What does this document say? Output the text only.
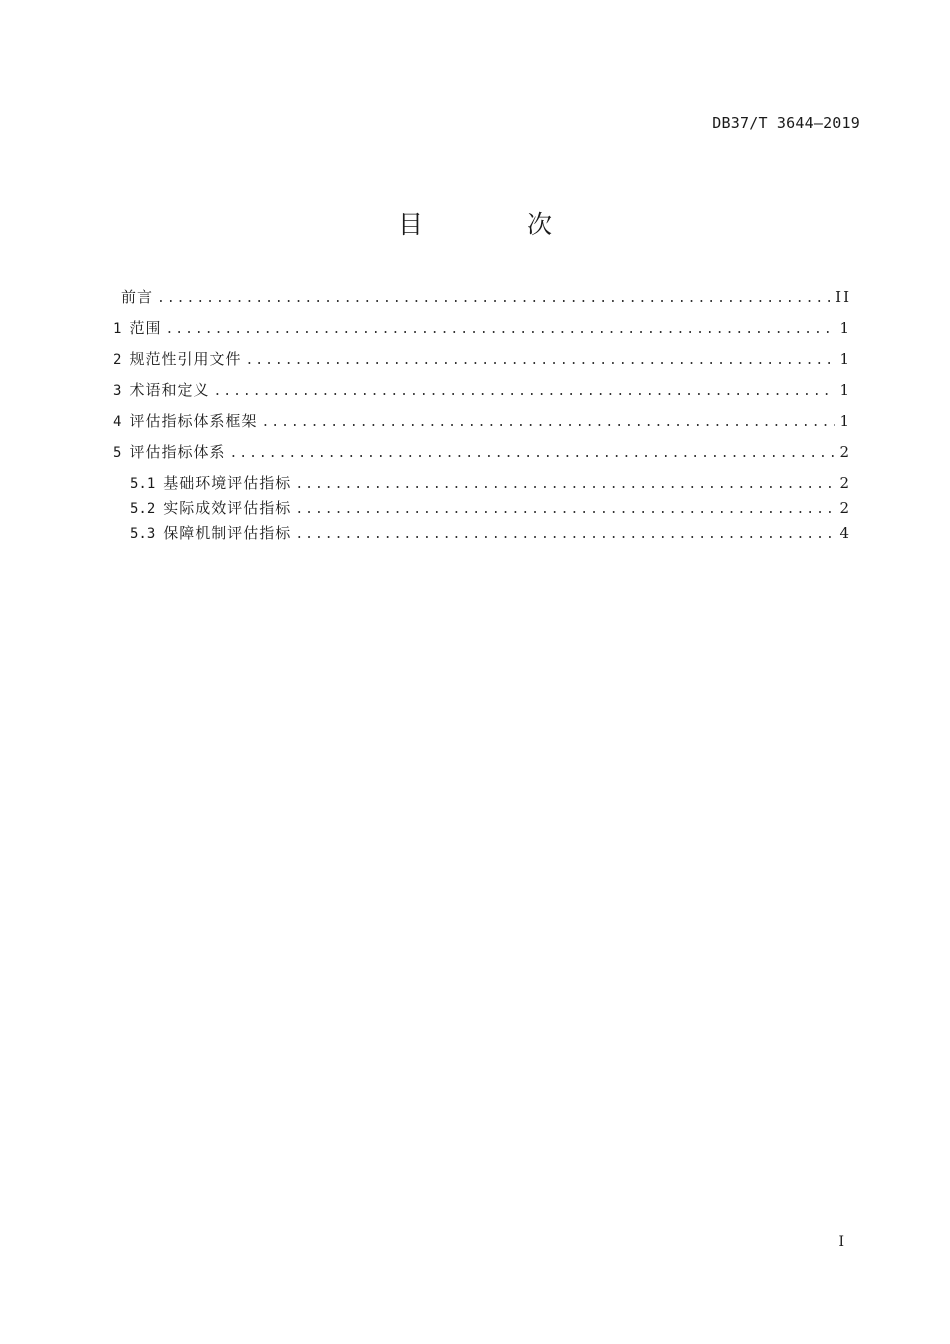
DB37/T 3644—2019
目 次
前言 .....	II
1 范围 .....	1
2 规范性引用文件 .....	1
3 术语和定义 .....	1
4 评估指标体系框架 .....	1
5 评估指标体系 .....	2
5.1 基础环境评估指标 .....	2
5.2 实际成效评估指标 .....	2
5.3 保障机制评估指标 .....	4
I
